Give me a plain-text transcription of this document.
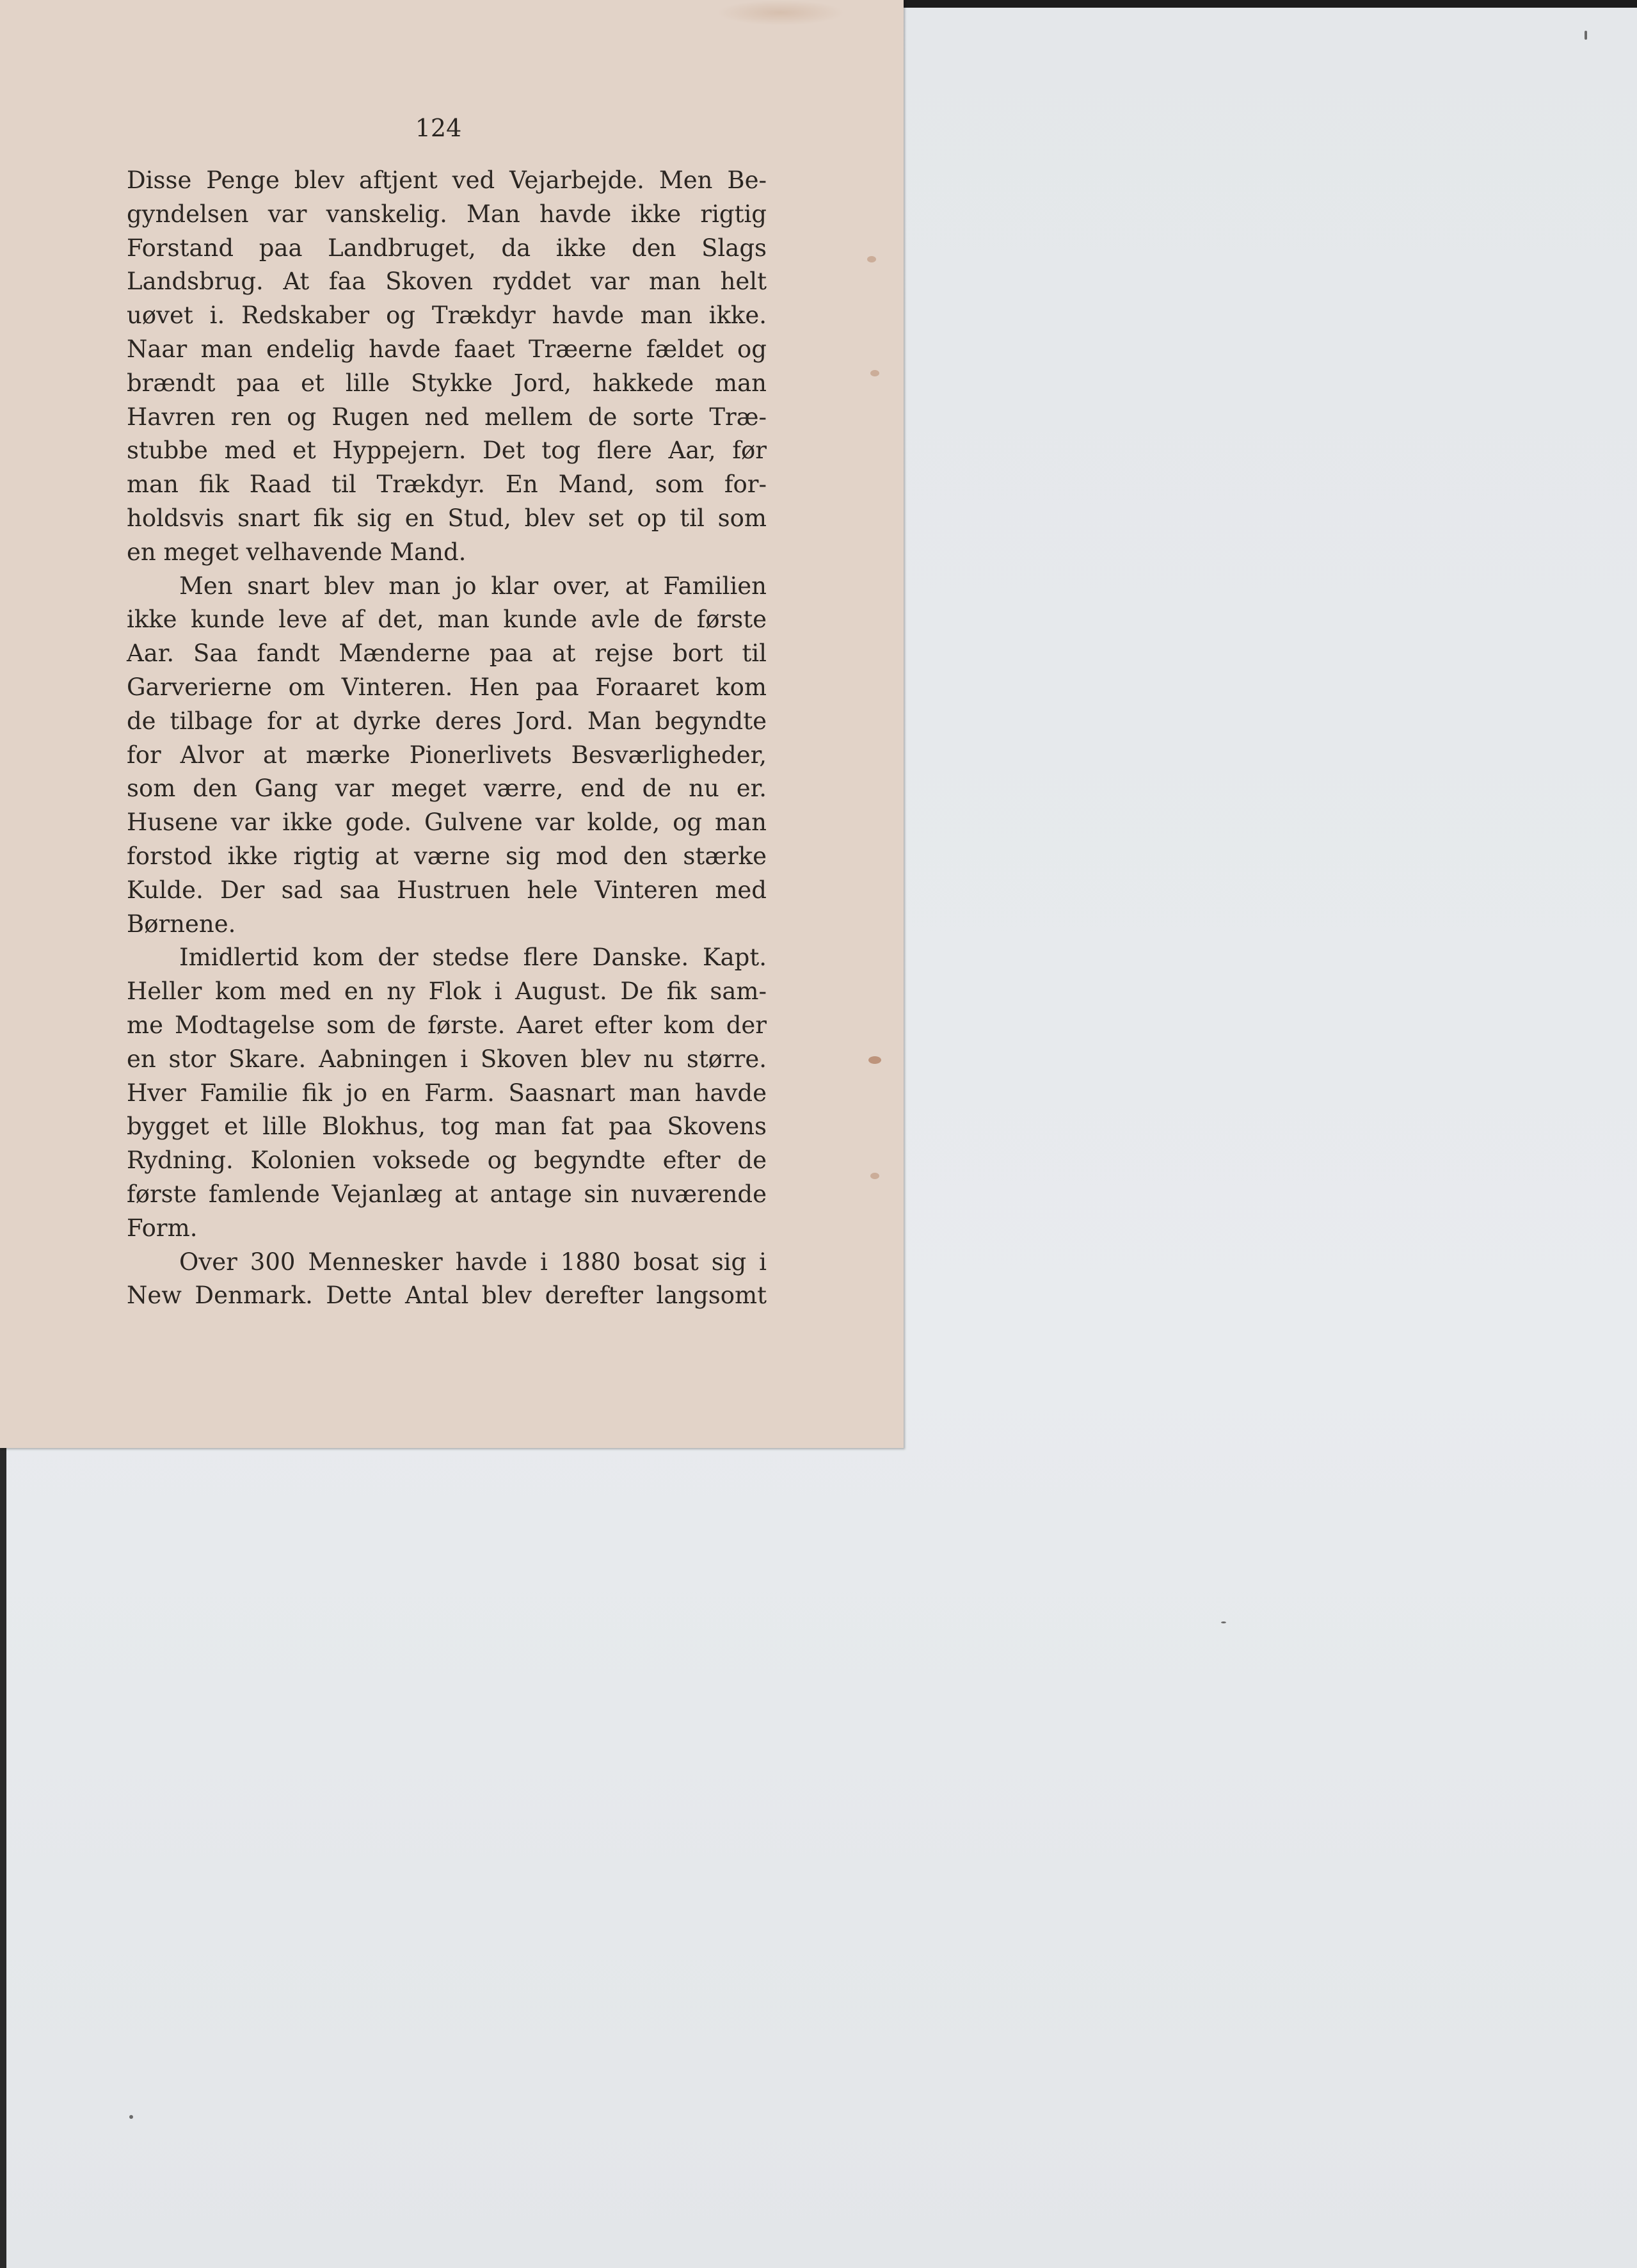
124

Disse Penge blev aftjent ved Vejarbejde. Men Be-
gyndelsen var vanskelig. Man havde ikke rigtig
Forstand paa Landbruget, da ikke den Slags
Landsbrug. At faa Skoven ryddet var man helt
uøvet i. Redskaber og Trækdyr havde man ikke.
Naar man endelig havde faaet Træerne fældet og
brændt paa et lille Stykke Jord, hakkede man
Havren ren og Rugen ned mellem de sorte Træ-
stubbe med et Hyppejern. Det tog flere Aar, før
man fik Raad til Trækdyr. En Mand, som for-
holdsvis snart fik sig en Stud, blev set op til som
en meget velhavende Mand.
Men snart blev man jo klar over, at Familien
ikke kunde leve af det, man kunde avle de første
Aar. Saa fandt Mænderne paa at rejse bort til
Garverierne om Vinteren. Hen paa Foraaret kom
de tilbage for at dyrke deres Jord. Man begyndte
for Alvor at mærke Pionerlivets Besværligheder,
som den Gang var meget værre, end de nu er.
Husene var ikke gode. Gulvene var kolde, og man
forstod ikke rigtig at værne sig mod den stærke
Kulde. Der sad saa Hustruen hele Vinteren med
Børnene.
Imidlertid kom der stedse flere Danske. Kapt.
Heller kom med en ny Flok i August. De fik sam-
me Modtagelse som de første. Aaret efter kom der
en stor Skare. Aabningen i Skoven blev nu større.
Hver Familie fik jo en Farm. Saasnart man havde
bygget et lille Blokhus, tog man fat paa Skovens
Rydning. Kolonien voksede og begyndte efter de
første famlende Vejanlæg at antage sin nuværende
Form.
Over 300 Mennesker havde i 1880 bosat sig i
New Denmark. Dette Antal blev derefter langsomt
